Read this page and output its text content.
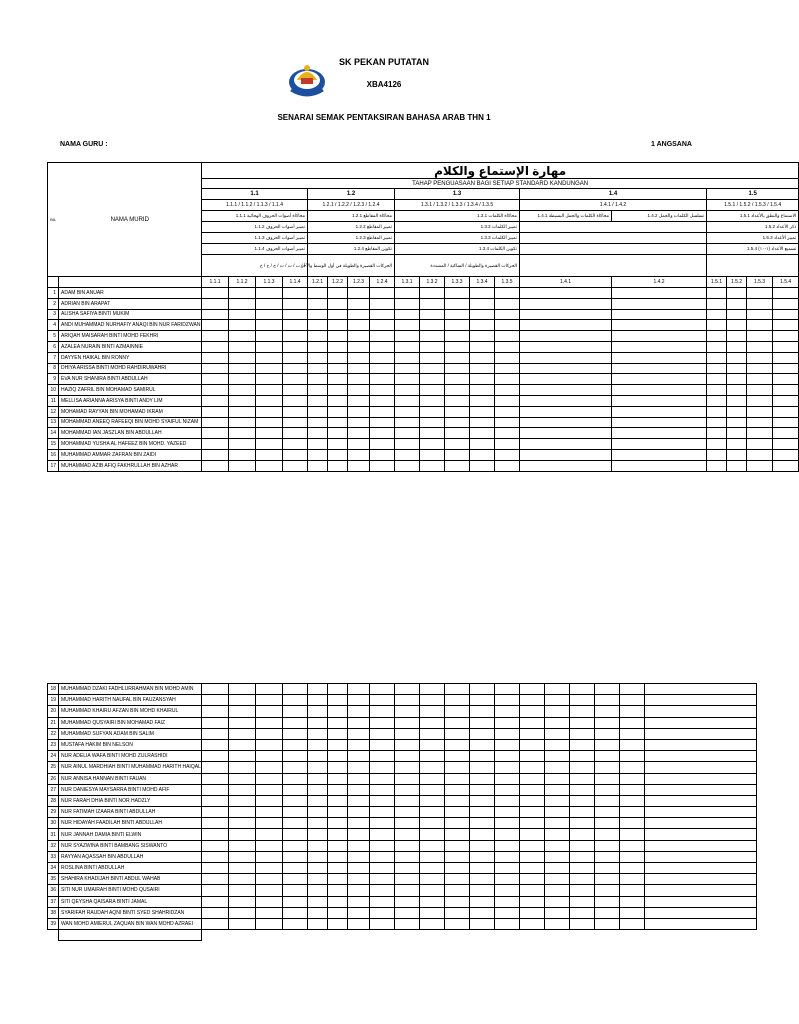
SK PEKAN PUTATAN
XBA4126
SENARAI SEMAK PENTAKSIRAN BAHASA ARAB THN 1
NAMA GURU :	1 ANGSANA
BIL	NAMA MURID	مهارة الإستماع والكلام																		
		TAHAP PENGUASAAN BAGI SETIAP STANDARD KANDUNGAN																		
		1.1				1.2				1.3					1.4		1.5			
		1.1.1 / 1.1.2 / 1.1.3 / 1.1.4				1.2.1 / 1.2.2 / 1.2.3 / 1.2.4				1.3.1 / 1.3.2 / 1.3.3 / 1.3.4 / 1.3.5					1.4.1 / 1.4.2		1.5.1 / 1.5.2 / 1.5.3 / 1.5.4			
		محاكاة أصوات الحروف الهجائية 1.1.1				محاكاة المقاطع 1.2.1				محاكاة الكلمات 1.3.1					محاكاة الكلمات والجمل البسيطة 1.4.1	تسلسل الكلمات والجمل 1.4.2	الاستماع والنطق بالأعداد 1.5.1			
		تمييز أصوات الحروف 1.1.2				تمييز المقاطع 1.2.2				تمييز الكلمات 1.3.2							ذكر الأعداد 1.5.2			
		تمييز أصوات الحروف 1.1.3				تمييز المقاطع 1.2.3				تمييز الكلمات 1.3.3							تمييز الأعداد 1.5.3			
		تمييز أصوات الحروف 1.1.4				تكوين المقاطع 1.2.4				تكوين الكلمات 1.3.4							تسميع الأعداد (١-١٠) 1.5.4			
		أ / ب / ت / ث / ج / ح / خ				الحركات القصيرة والطويلة في أول الوسط والآخر				الحركات القصيرة والطويلة / الساكنة / المشددة										
		1.1.1	1.1.2	1.1.3	1.1.4	1.2.1	1.2.2	1.2.3	1.2.4	1.3.1	1.3.2	1.3.3	1.3.4	1.3.5	1.4.1	1.4.2	1.5.1	1.5.2	1.5.3	1.5.4
1	ADAM BIN ANUAR																			
2	ADRIAN BIN ARAPAT																			
3	ALISHA SAFIYA BINTI MUKIM																			
4	ANDI MUHAMMAD NURHAFIY ANAQI BIN NUR FARIDZWAN																			
5	ARIQAH MAISARAH BINTI MOHD FEKHRI																			
6	AZALEA NURAIN BINTI AZMAINNIE																			
7	DAYYEN HAIKAL BIN RONNY																			
8	DHIYA ARISSA BINTI MOHD RAHDIRUWAHRI																			
9	EVA NUR SHANIRA BINTI ABDULLAH																			
10	HAZIQ ZAFRIL BIN MOHAMAD SAMIRUL																			
11	MELLISA ARIANNA ARISYA BINTI ANDY LIM																			
12	MOHAMAD RAYYAN BIN MOHAMAD IKRAM																			
13	MOHAMMAD ANEEQ RAFEEQI BIN MOHD SYAIFUL NIZAM																			
14	MOHAMMAD IAN JASZLAN BIN ABDULLAH																			
15	MOHAMMAD YUSHA AL HAFEEZ BIN MOHD. YAZEED																			
16	MUHAMMAD AMMAR ZAFRAN BIN ZAIDI																			
17	MUHAMMAD AZIB AFIQ FAKHRULLAH BIN AZHAR																			
18	MUHAMMAD DZAKI FADHLURRAHMAN BIN MOHD AMIN																			
19	MUHAMMAD HARITH NAUFAL BIN FAUZANSYAH																			
20	MUHAMMAD KHAIRU AFZAN BIN MOHD KHAIRUL																			
21	MUHAMMAD QUSYAIRI BIN MOHAMAD FAIZ																			
22	MUHAMMAD SUFYAN ADAM BIN SALIM																			
23	MUSTAFA HAKIM BIN NELSON																			
24	NUR ADELIA WAFA BINTI MOHD ZULRASHIDI																			
25	NUR AINUL MARDHIAH BINTI MUHAMMAD HARITH HAIQAL																			
26	NUR ANNISA HANNAN BINTI FAUAN																			
27	NUR DANIESYA MAYSARRA BINTI MOHD AFIF																			
28	NUR FARAH DHIA BINTI NOR HADZLY																			
29	NUR FATIMAH IZAARA BINTI ABDULLAH																			
30	NUR HIDAYAH FAADILAH BINTI ABDULLAH																			
31	NUR JANNAH DAMIA BINTI ELWIN																			
32	NUR SYAZWINA BINTI BAMBANG SISWANTO																			
33	RAYYAN AQASSAH BIN ABDULLAH																			
34	ROSLINA BINTI ABDULLAH																			
35	SHAHIRA KHADIJAH BINTI ABDUL WAHAB																			
36	SITI NUR UMAIRAH BINTI MOHD QUSAIRI																			
37	SITI QEYSHA QAISARA BINTI JAMAL																			
38	SYARIFAH RAUDAH AQNI BINTI SYED SHAHRIDZAN																			
39	WAN MOHD AMIERUL ZAQUAN BIN WAN MOHD AZRAEI																			
